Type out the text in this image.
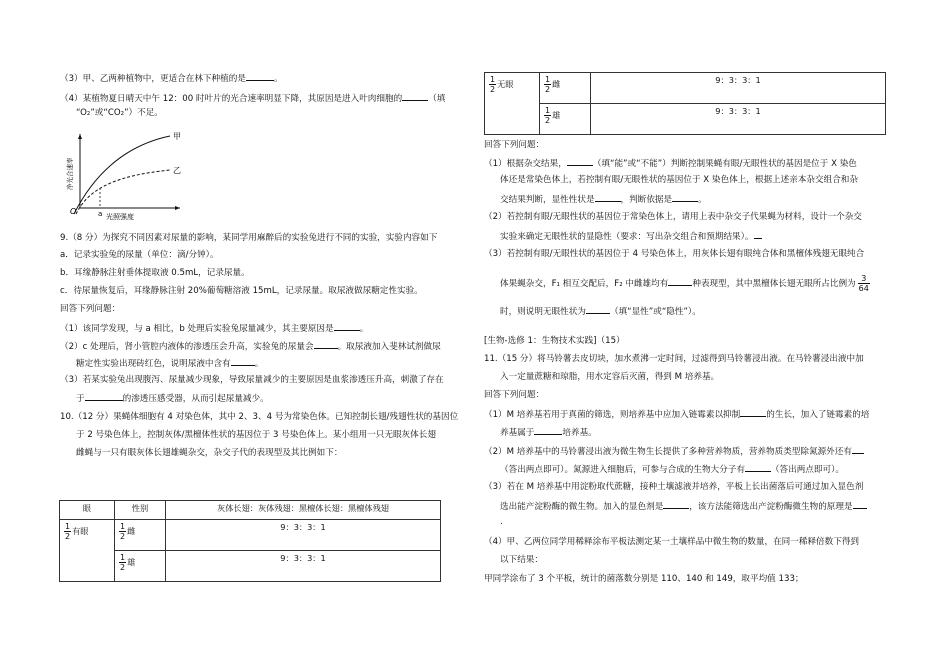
（3）甲、乙两种植物中，更适合在林下种植的是	。
（4）某植物夏日晴天中午 12：00 时叶片的光合速率明显下降，其原因是进入叶肉细胞的	（填
“O₂”或“CO₂”）不足。
甲
乙
O	a 光照强度
净光合速率
9.（8 分）为探究不同因素对尿量的影响，某同学用麻醉后的实验兔进行不同的实验，实验内容如下
a．记录实验兔的尿量（单位：滴/分钟）。
b．耳缘静脉注射垂体提取液 0.5mL，记录尿量。
c．待尿量恢复后，耳缘静脉注射 20%葡萄糖溶液 15mL，记录尿量。取尿液做尿糖定性实验。
回答下列问题：
（1）该同学发现，与 a 相比，b 处理后实验兔尿量减少，其主要原因是	。
（2）c 处理后，肾小管腔内液体的渗透压会升高，实验兔的尿量会	。取尿液加入斐林试剂做尿
糖定性实验出现砖红色，说明尿液中含有	。
（3）若某实验兔出现腹泻、尿量减少现象，导致尿量减少的主要原因是血浆渗透压升高，刺激了存在
于	的渗透压感受器，从而引起尿量减少。
10.（12 分）果蝇体细胞有 4 对染色体，其中 2、3、4 号为常染色体。已知控制长翅/残翅性状的基因位
于 2 号染色体上，控制灰体/黑檀体性状的基因位于 3 号染色体上。某小组用一只无眼灰体长翅
雌蝇与一只有眼灰体长翅雄蝇杂交，杂交子代的表现型及其比例如下：
眼	性别	灰体长翅：灰体残翅：黑檀体长翅：黑檀体残翅

$\frac{1}{2}$ 有眼	$\frac{1}{2}$ 雌	9：3：3：1

	$\frac{1}{2}$ 雄	9：3：3：1
$\frac{1}{2}$ 无眼	$\frac{1}{2}$ 雌	9：3：3：1

	$\frac{1}{2}$ 雄	9：3：3：1
回答下列问题：
（1）根据杂交结果，	（填“能”或“不能”）判断控制果蝇有眼/无眼性状的基因是位于 X 染色
体还是常染色体上，若控制有眼/无眼性状的基因位于 X 染色体上，根据上述亲本杂交组合和杂
交结果判断，显性性状是	，判断依据是	。
（2）若控制有眼/无眼性状的基因位于常染色体上，请用上表中杂交子代果蝇为材料，设计一个杂交
实验来确定无眼性状的显隐性（要求：写出杂交组合和预期结果）。
（3）若控制有眼/无眼性状的基因位于 4 号染色体上，用灰体长翅有眼纯合体和黑檀体残翅无眼纯合
体果蝇杂交，F₁ 相互交配后，F₂ 中雌雄均有	种表现型，其中黑檀体长翅无眼所占比例为 $\frac{3}{64}$
时，则说明无眼性状为	（填“显性”或“隐性”）。
[生物-选修 1：生物技术实践]（15）
11.（15 分）将马铃薯去皮切块，加水煮沸一定时间，过滤得到马铃薯浸出液。在马铃薯浸出液中加
入一定量蔗糖和琼脂，用水定容后灭菌，得到 M 培养基。
回答下列问题：
（1）M 培养基若用于真菌的筛选，则培养基中应加入链霉素以抑制	的生长，加入了链霉素的培
养基属于	培养基。
（2）M 培养基中的马铃薯浸出液为微生物生长提供了多种营养物质，营养物质类型除氮源外还有
（答出两点即可）。氮源进入细胞后，可参与合成的生物大分子有	（答出两点即可）。
（3）若在 M 培养基中用淀粉取代蔗糖，接种土壤滤液并培养，平板上长出菌落后可通过加入显色剂
选出能产淀粉酶的微生物。加入的显色剂是	，该方法能筛选出产淀粉酶微生物的原理是
.
（4）甲、乙两位同学用稀释涂布平板法测定某一土壤样品中微生物的数量，在同一稀释倍数下得到
以下结果：
甲同学涂布了 3 个平板，统计的菌落数分别是 110、140 和 149，取平均值 133；
